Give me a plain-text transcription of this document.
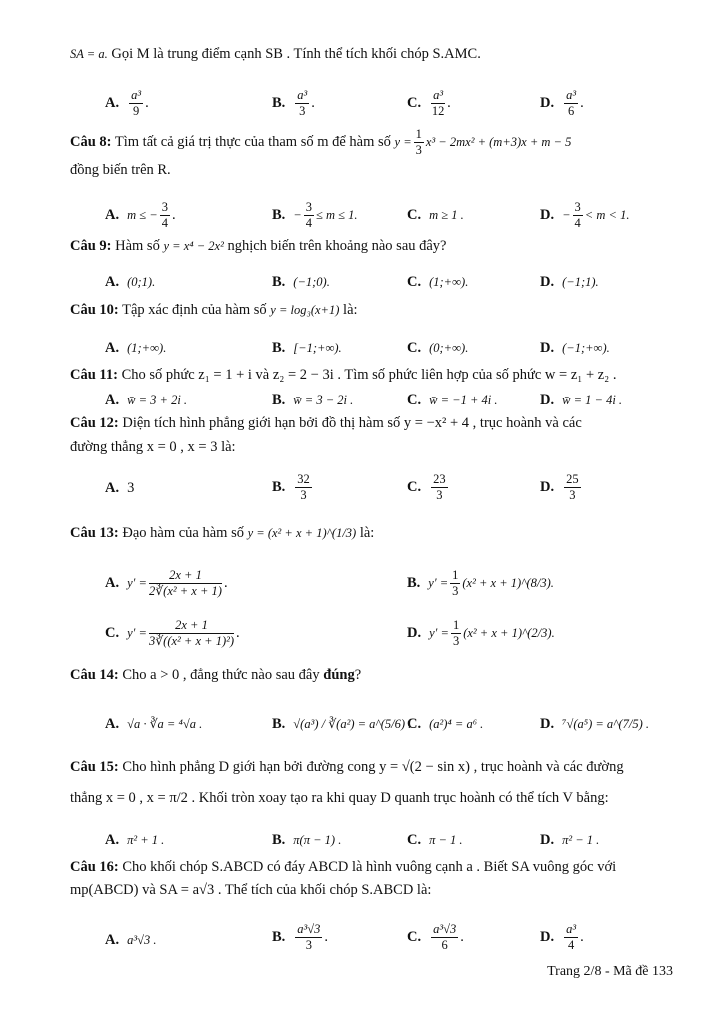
SA = a. Gọi M là trung điểm cạnh SB . Tính thể tích khối chóp S.AMC.
A. $\frac{\text{a³}}{9}$ .	B. $\frac{\text{a³}}{3}$ .	C. $\frac{\text{a³}}{12}$ .	D. $\frac{\text{a³}}{6}$ .
Câu 8: Tìm tất cả giá trị thực của tham số m để hàm số $y = \frac{1}{3} x^3 - 2mx^2 + (m+3)x + m - 5$
đồng biến trên R.
A. m ≤ − $\frac{3}{4}$ .	B. − $\frac{3}{4} \le m \le 1$.	C. m ≥ 1 .	D. − $\frac{3}{4} < m < 1$.
Câu 9: Hàm số y = x⁴ − 2x² nghịch biến trên khoảng nào sau đây?
A. (0;1).	B. (−1;0).	C. (1;+∞).	D. (−1;1).
Câu 10: Tập xác định của hàm số y = log₃(x+1) là:
A. (1;+∞).	B. [−1;+∞).	C. (0;+∞).	D. (−1;+∞).
Câu 11: Cho số phức z₁ = 1 + i và z₂ = 2 − 3i . Tìm số phức liên hợp của số phức w = z₁ + z₂ .
A. w̄ = 3 + 2i .	B. w̄ = 3 − 2i .	C. w̄ = −1 + 4i .	D. w̄ = 1 − 4i .
Câu 12: Diện tích hình phẳng giới hạn bởi đồ thị hàm số y = −x² + 4 , trục hoành và các
đường thẳng x = 0 , x = 3 là:
A. 3	B. $\frac{32}{3}$	C. $\frac{23}{3}$	D. $\frac{25}{3}$
Câu 13: Đạo hàm của hàm số y = (x² + x + 1)^(1/3) là:
A. $y' = \frac{2x + 1}{\text{2∛(x² + x + 1)}}$ .	B. $y' = \frac{1}{3} (x^2 + x$ + 1)^(8/3).
C. $y' = \frac{2x + 1}{\text{3∛((x² + x + 1)²)}}$ .	D. $y' = \frac{1}{3} (x^2 + x$ + 1)^(2/3).
Câu 14: Cho a > 0 , đẳng thức nào sau đây đúng?
A. √a · ∛a = ⁴√a .	B. √(a³) / ∛(a²) = a^(5/6) .
C. (a²)⁴ = a⁶ .	D. ⁷√(a⁵) = a^(7/5) .
Câu 15: Cho hình phẳng D giới hạn bởi đường cong y = √(2 − sin x) , trục hoành và các đường
thẳng x = 0 , x = π/2 . Khối tròn xoay tạo ra khi quay D quanh trục hoành có thể tích V bằng:
A. π² + 1 .	B. π(π − 1) .	C. π − 1 .	D. π² − 1 .
Câu 16: Cho khối chóp S.ABCD có đáy ABCD là hình vuông cạnh a . Biết SA vuông góc với
mp(ABCD) và SA = a√3 . Thể tích của khối chóp S.ABCD là:
A. a³√3 .	B. $\frac{\text{a³√3}}{3}$ .	C. $\frac{\text{a³√3}}{6}$ .	D. $\frac{\text{a³}}{4}$ .
Trang 2/8 - Mã đề 133
